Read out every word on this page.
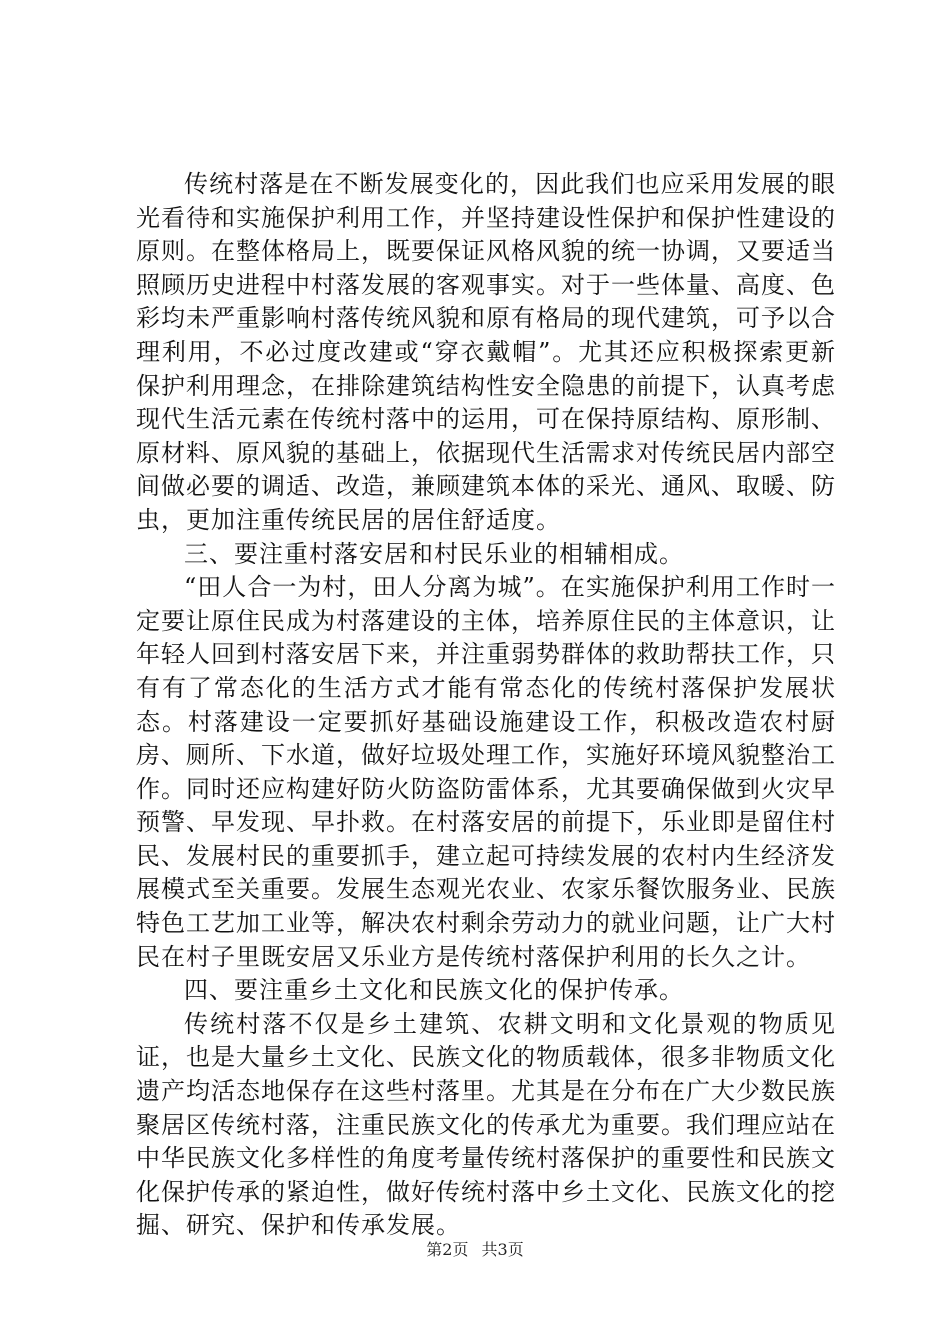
传统村落是在不断发展变化的，因此我们也应采用发展的眼光看待和实施保护利用工作，并坚持建设性保护和保护性建设的原则。在整体格局上，既要保证风格风貌的统一协调，又要适当照顾历史进程中村落发展的客观事实。对于一些体量、高度、色彩均未严重影响村落传统风貌和原有格局的现代建筑，可予以合理利用，不必过度改建或“穿衣戴帽”。尤其还应积极探索更新保护利用理念，在排除建筑结构性安全隐患的前提下，认真考虑现代生活元素在传统村落中的运用，可在保持原结构、原形制、原材料、原风貌的基础上，依据现代生活需求对传统民居内部空间做必要的调适、改造，兼顾建筑本体的采光、通风、取暖、防虫，更加注重传统民居的居住舒适度。

三、要注重村落安居和村民乐业的相辅相成。

“田人合一为村，田人分离为城”。在实施保护利用工作时一定要让原住民成为村落建设的主体，培养原住民的主体意识，让年轻人回到村落安居下来，并注重弱势群体的救助帮扶工作，只有有了常态化的生活方式才能有常态化的传统村落保护发展状态。村落建设一定要抓好基础设施建设工作，积极改造农村厨房、厕所、下水道，做好垃圾处理工作，实施好环境风貌整治工作。同时还应构建好防火防盗防雷体系，尤其要确保做到火灾早预警、早发现、早扑救。在村落安居的前提下，乐业即是留住村民、发展村民的重要抓手，建立起可持续发展的农村内生经济发展模式至关重要。发展生态观光农业、农家乐餐饮服务业、民族特色工艺加工业等，解决农村剩余劳动力的就业问题，让广大村民在村子里既安居又乐业方是传统村落保护利用的长久之计。

四、要注重乡土文化和民族文化的保护传承。

传统村落不仅是乡土建筑、农耕文明和文化景观的物质见证，也是大量乡土文化、民族文化的物质载体，很多非物质文化遗产均活态地保存在这些村落里。尤其是在分布在广大少数民族聚居区传统村落，注重民族文化的传承尤为重要。我们理应站在中华民族文化多样性的角度考量传统村落保护的重要性和民族文化保护传承的紧迫性，做好传统村落中乡土文化、民族文化的挖掘、研究、保护和传承发展。

第2页 共3页
